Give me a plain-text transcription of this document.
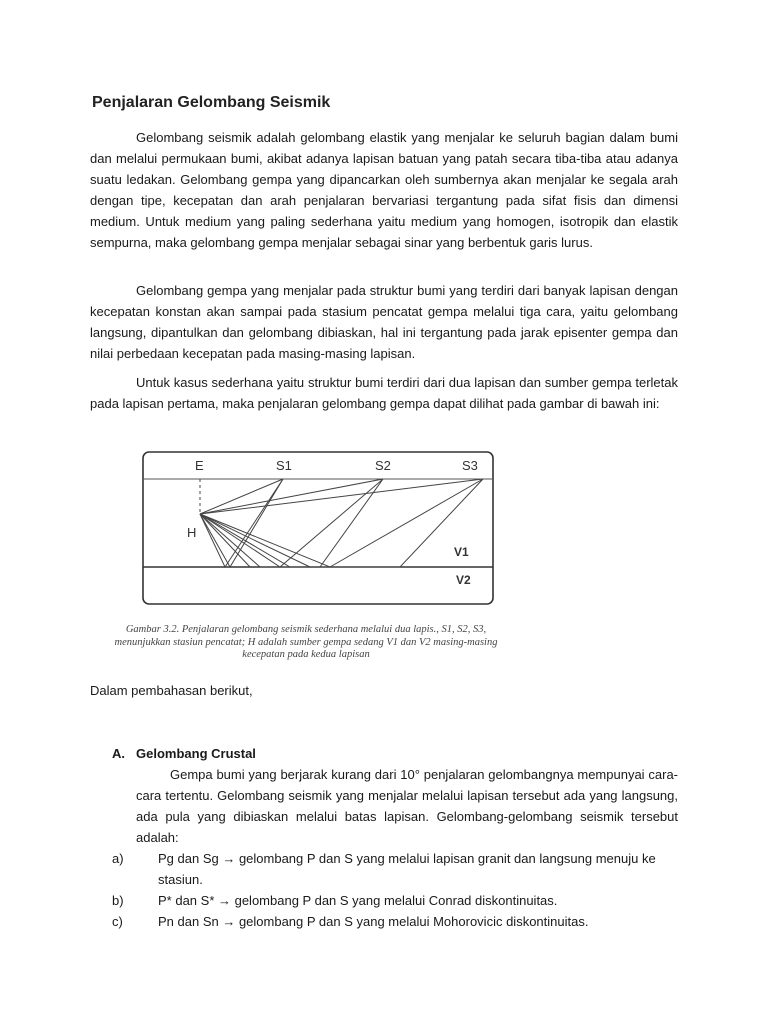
Penjalaran Gelombang Seismik

Gelombang seismik adalah gelombang elastik yang menjalar ke seluruh bagian dalam bumi dan melalui permukaan bumi, akibat adanya lapisan batuan yang patah secara tiba-tiba atau adanya suatu ledakan. Gelombang gempa yang dipancarkan oleh sumbernya akan menjalar ke segala arah dengan tipe, kecepatan dan arah penjalaran bervariasi tergantung pada sifat fisis dan dimensi medium. Untuk medium yang paling sederhana yaitu medium yang homogen, isotropik dan elastik sempurna, maka gelombang gempa menjalar sebagai sinar yang berbentuk garis lurus.

Gelombang gempa yang menjalar pada struktur bumi yang terdiri dari banyak lapisan dengan kecepatan konstan akan sampai pada stasium pencatat gempa melalui tiga cara, yaitu gelombang langsung, dipantulkan dan gelombang dibiaskan, hal ini tergantung pada jarak episenter gempa dan nilai perbedaan kecepatan pada masing-masing lapisan.

Untuk kasus sederhana yaitu struktur bumi terdiri dari dua lapisan dan sumber gempa terletak pada lapisan pertama, maka penjalaran gelombang gempa dapat dilihat pada gambar di bawah ini:

E	S1	S2	S3
H
V1
V2
Gambar 3.2. Penjalaran gelombang seismik sederhana melalui dua lapis., S1, S2, S3, menunjukkan stasiun pencatat; H adalah sumber gempa sedang V1 dan V2 masing-masing kecepatan pada kedua lapisan
Dalam pembahasan berikut,

A. Gelombang Crustal

Gempa bumi yang berjarak kurang dari 10° penjalaran gelombangnya mempunyai cara-cara tertentu. Gelombang seismik yang menjalar melalui lapisan tersebut ada yang langsung, ada pula yang dibiaskan melalui batas lapisan. Gelombang-gelombang seismik tersebut adalah:

a)	Pg dan Sg → gelombang P dan S yang melalui lapisan granit dan langsung menuju ke stasiun.
b)	P* dan S* → gelombang P dan S yang melalui Conrad diskontinuitas.
c)	Pn dan Sn → gelombang P dan S yang melalui Mohorovicic diskontinuitas.
